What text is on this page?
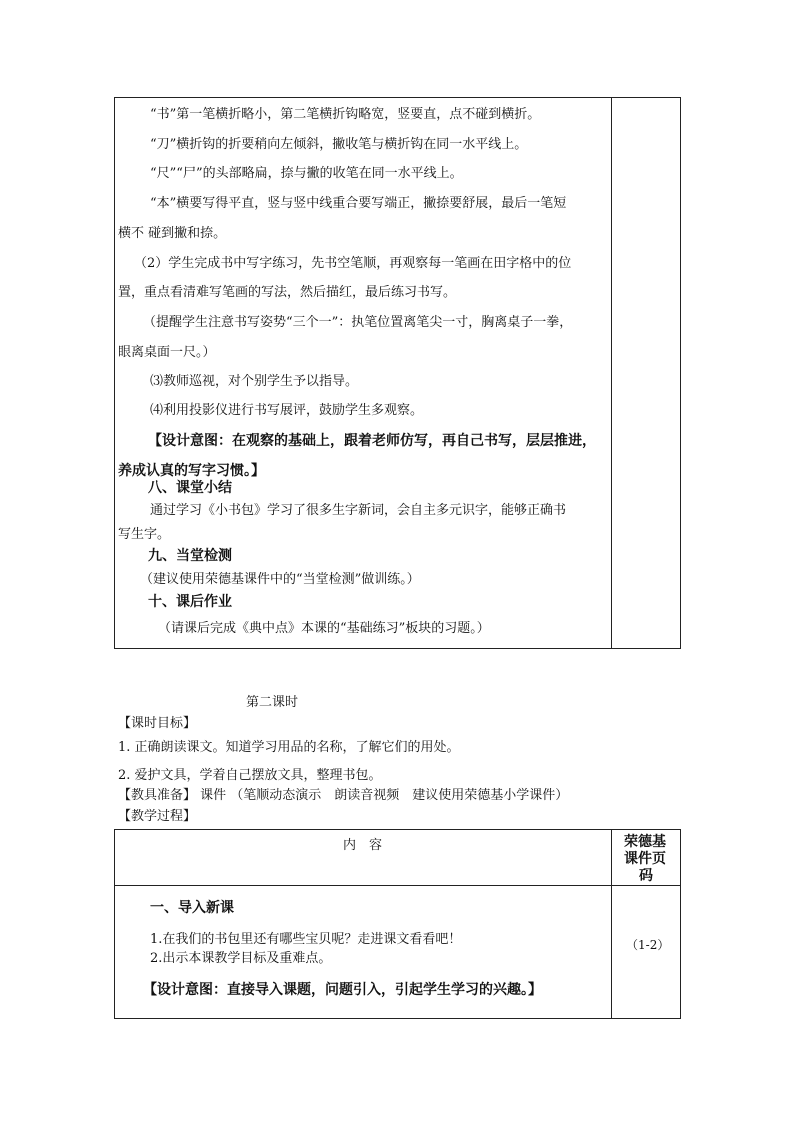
“书”第一笔横折略小，第二笔横折钩略宽，竖要直，点不碰到横折。
“刀”横折钩的折要稍向左倾斜，撇收笔与横折钩在同一水平线上。
“尺”“尸”的头部略扁，捺与撇的收笔在同一水平线上。
“本”横要写得平直，竖与竖中线重合要写端正，撇捺要舒展，最后一笔短
横不 碰到撇和捺。
（2）学生完成书中写字练习，先书空笔顺，再观察每一笔画在田字格中的位
置，重点看清难写笔画的写法，然后描红，最后练习书写。
（提醒学生注意书写姿势“三个一”：执笔位置离笔尖一寸，胸离桌子一拳，
眼离桌面一尺。）
⑶教师巡视，对个别学生予以指导。
⑷利用投影仪进行书写展评，鼓励学生多观察。
【设计意图：在观察的基础上，跟着老师仿写，再自己书写，层层推进，
养成认真的写字习惯。】
八、课堂小结
通过学习《小书包》学习了很多生字新词，会自主多元识字，能够正确书
写生字。
九、当堂检测
（建议使用荣德基课件中的“当堂检测”做训练。）
十、课后作业
（请课后完成《典中点》本课的“基础练习”板块的习题。）
第二课时
【课时目标】
1. 正确朗读课文。知道学习用品的名称，了解它们的用处。
2. 爱护文具，学着自己摆放文具，整理书包。
【教具准备】 课件 （笔顺动态演示　朗读音视频　建议使用荣德基小学课件）
【教学过程】
内　容	荣德基
课件页
码
一、导入新课
1.在我们的书包里还有哪些宝贝呢？走进课文看看吧！
2.出示本课教学目标及重难点。
【设计意图：直接导入课题，问题引入，引起学生学习的兴趣。】
（1-2）
